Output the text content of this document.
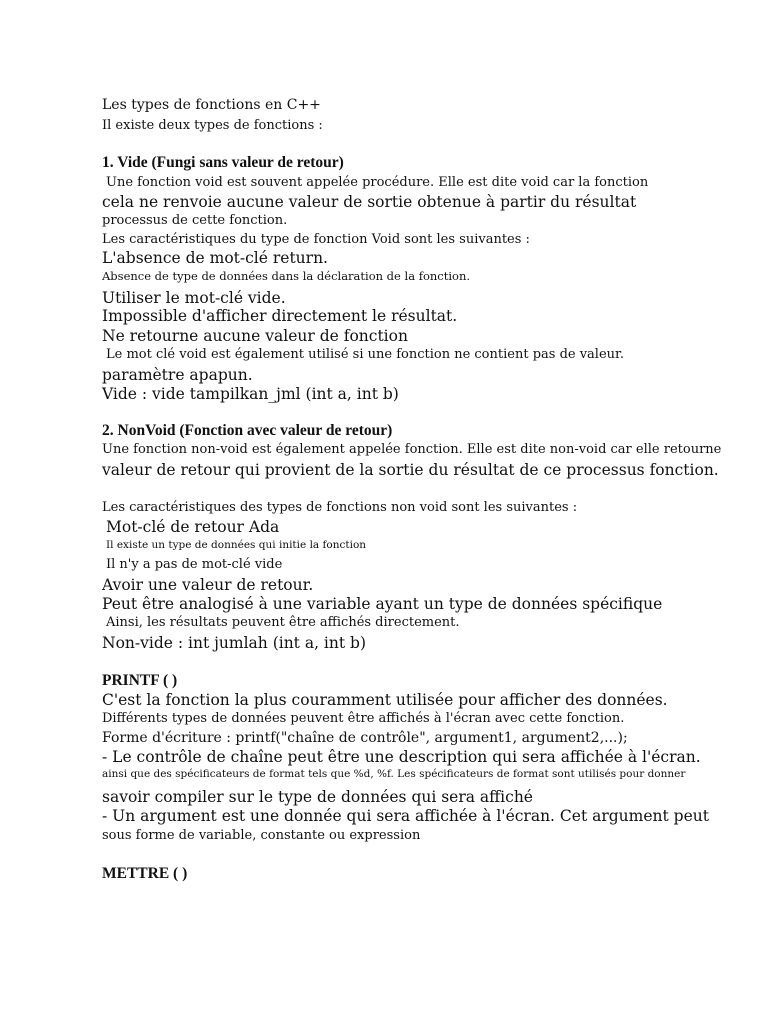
Les types de fonctions en C++
Il existe deux types de fonctions :
1. Vide (Fungi sans valeur de retour)
Une fonction void est souvent appelée procédure. Elle est dite void car la fonction
cela ne renvoie aucune valeur de sortie obtenue à partir du résultat
processus de cette fonction.
Les caractéristiques du type de fonction Void sont les suivantes :
L'absence de mot-clé return.
Absence de type de données dans la déclaration de la fonction.
Utiliser le mot-clé vide.
Impossible d'afficher directement le résultat.
Ne retourne aucune valeur de fonction
Le mot clé void est également utilisé si une fonction ne contient pas de valeur.
paramètre apapun.
Vide : vide tampilkan_jml (int a, int b)
2. NonVoid (Fonction avec valeur de retour)
Une fonction non-void est également appelée fonction. Elle est dite non-void car elle retourne
valeur de retour qui provient de la sortie du résultat de ce processus fonction.
Les caractéristiques des types de fonctions non void sont les suivantes :
Mot-clé de retour Ada
Il existe un type de données qui initie la fonction
Il n'y a pas de mot-clé vide
Avoir une valeur de retour.
Peut être analogisé à une variable ayant un type de données spécifique
Ainsi, les résultats peuvent être affichés directement.
Non-vide : int jumlah (int a, int b)
PRINTF ( )
C'est la fonction la plus couramment utilisée pour afficher des données.
Différents types de données peuvent être affichés à l'écran avec cette fonction.
Forme d'écriture : printf("chaîne de contrôle", argument1, argument2,...);
- Le contrôle de chaîne peut être une description qui sera affichée à l'écran.
ainsi que des spécificateurs de format tels que %d, %f. Les spécificateurs de format sont utilisés pour donner
savoir compiler sur le type de données qui sera affiché
- Un argument est une donnée qui sera affichée à l'écran. Cet argument peut
sous forme de variable, constante ou expression
METTRE ( )
